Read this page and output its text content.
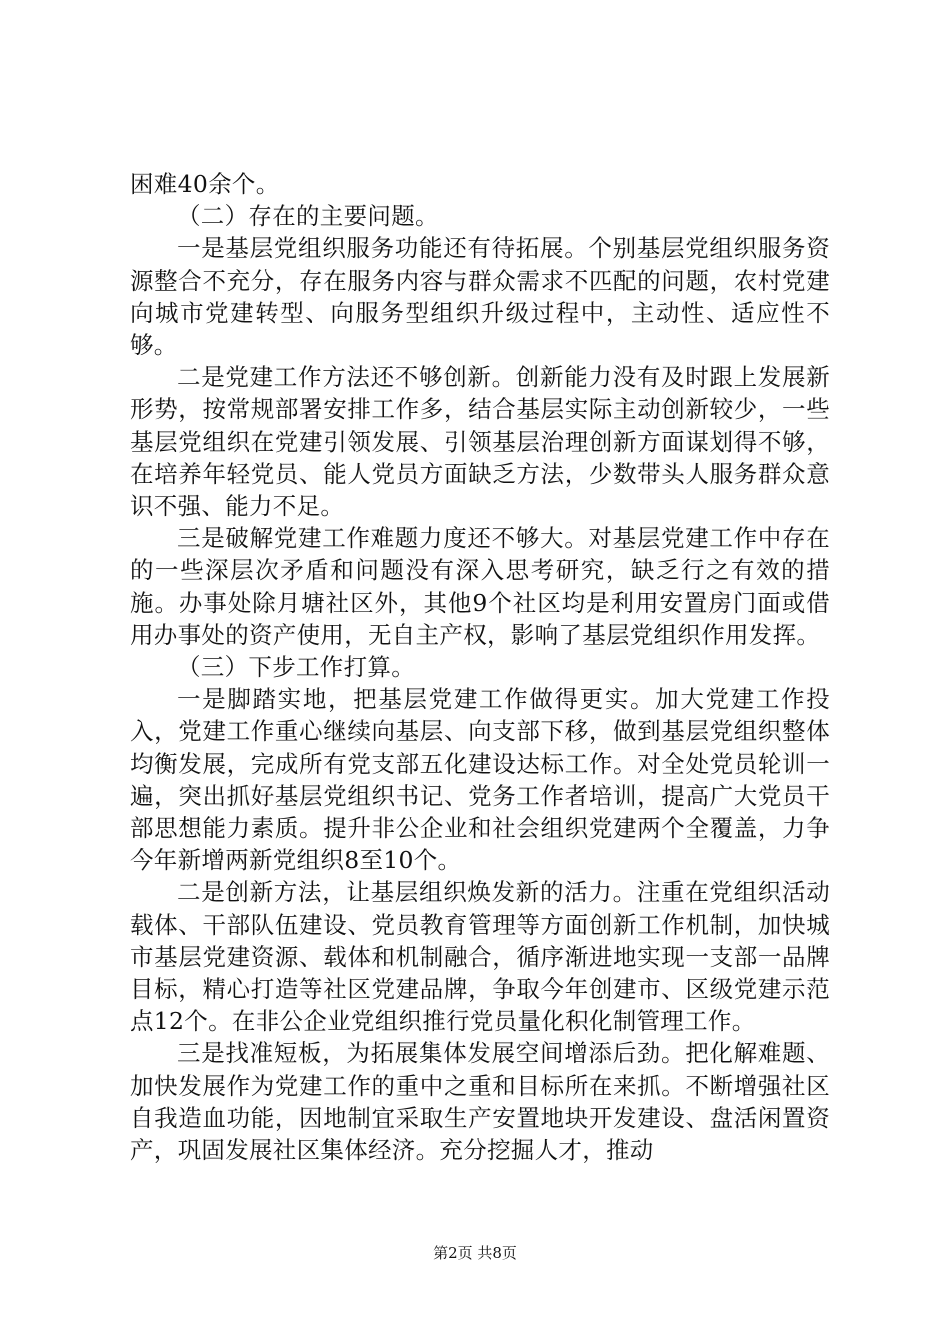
困难40余个。

（二）存在的主要问题。

一是基层党组织服务功能还有待拓展。个别基层党组织服务资源整合不充分，存在服务内容与群众需求不匹配的问题，农村党建向城市党建转型、向服务型组织升级过程中，主动性、适应性不够。

二是党建工作方法还不够创新。创新能力没有及时跟上发展新形势，按常规部署安排工作多，结合基层实际主动创新较少，一些基层党组织在党建引领发展、引领基层治理创新方面谋划得不够，在培养年轻党员、能人党员方面缺乏方法，少数带头人服务群众意识不强、能力不足。

三是破解党建工作难题力度还不够大。对基层党建工作中存在的一些深层次矛盾和问题没有深入思考研究，缺乏行之有效的措施。办事处除月塘社区外，其他9个社区均是利用安置房门面或借用办事处的资产使用，无自主产权，影响了基层党组织作用发挥。

（三）下步工作打算。

一是脚踏实地，把基层党建工作做得更实。加大党建工作投入，党建工作重心继续向基层、向支部下移，做到基层党组织整体均衡发展，完成所有党支部五化建设达标工作。对全处党员轮训一遍，突出抓好基层党组织书记、党务工作者培训，提高广大党员干部思想能力素质。提升非公企业和社会组织党建两个全覆盖，力争今年新增两新党组织8至10个。

二是创新方法，让基层组织焕发新的活力。注重在党组织活动载体、干部队伍建设、党员教育管理等方面创新工作机制，加快城市基层党建资源、载体和机制融合，循序渐进地实现一支部一品牌目标，精心打造等社区党建品牌，争取今年创建市、区级党建示范点12个。在非公企业党组织推行党员量化积化制管理工作。

三是找准短板，为拓展集体发展空间增添后劲。把化解难题、加快发展作为党建工作的重中之重和目标所在来抓。不断增强社区自我造血功能，因地制宜采取生产安置地块开发建设、盘活闲置资产，巩固发展社区集体经济。充分挖掘人才，推动

第2页 共8页
